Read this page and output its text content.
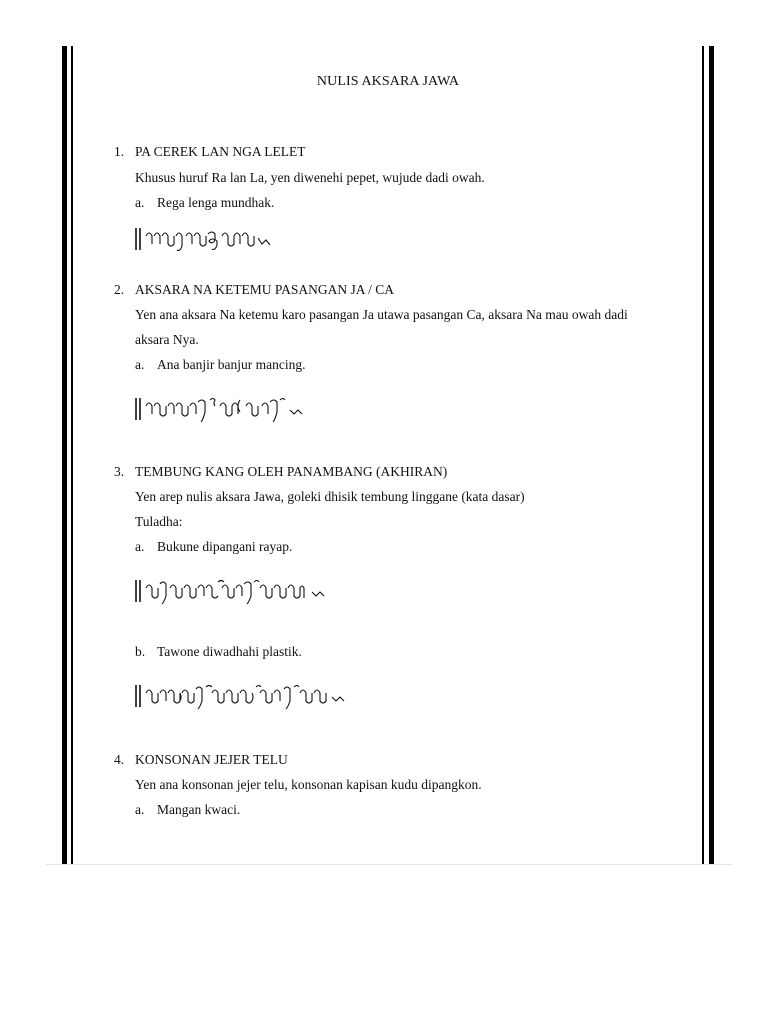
NULIS AKSARA JAWA
1. PA CEREK LAN NGA LELET
Khusus huruf Ra lan La, yen diwenehi pepet, wujude dadi owah.
a. Rega lenga mundhak.
2. AKSARA NA KETEMU PASANGAN JA / CA
Yen ana aksara Na ketemu karo pasangan Ja utawa pasangan Ca, aksara Na mau owah dadi
aksara Nya.
a. Ana banjir banjur mancing.
3. TEMBUNG KANG OLEH PANAMBANG (AKHIRAN)
Yen arep nulis aksara Jawa, goleki dhisik tembung linggane (kata dasar)
Tuladha:
a. Bukune dipangani rayap.
b. Tawone diwadhahi plastik.
4. KONSONAN JEJER TELU
Yen ana konsonan jejer telu, konsonan kapisan kudu dipangkon.
a. Mangan kwaci.
